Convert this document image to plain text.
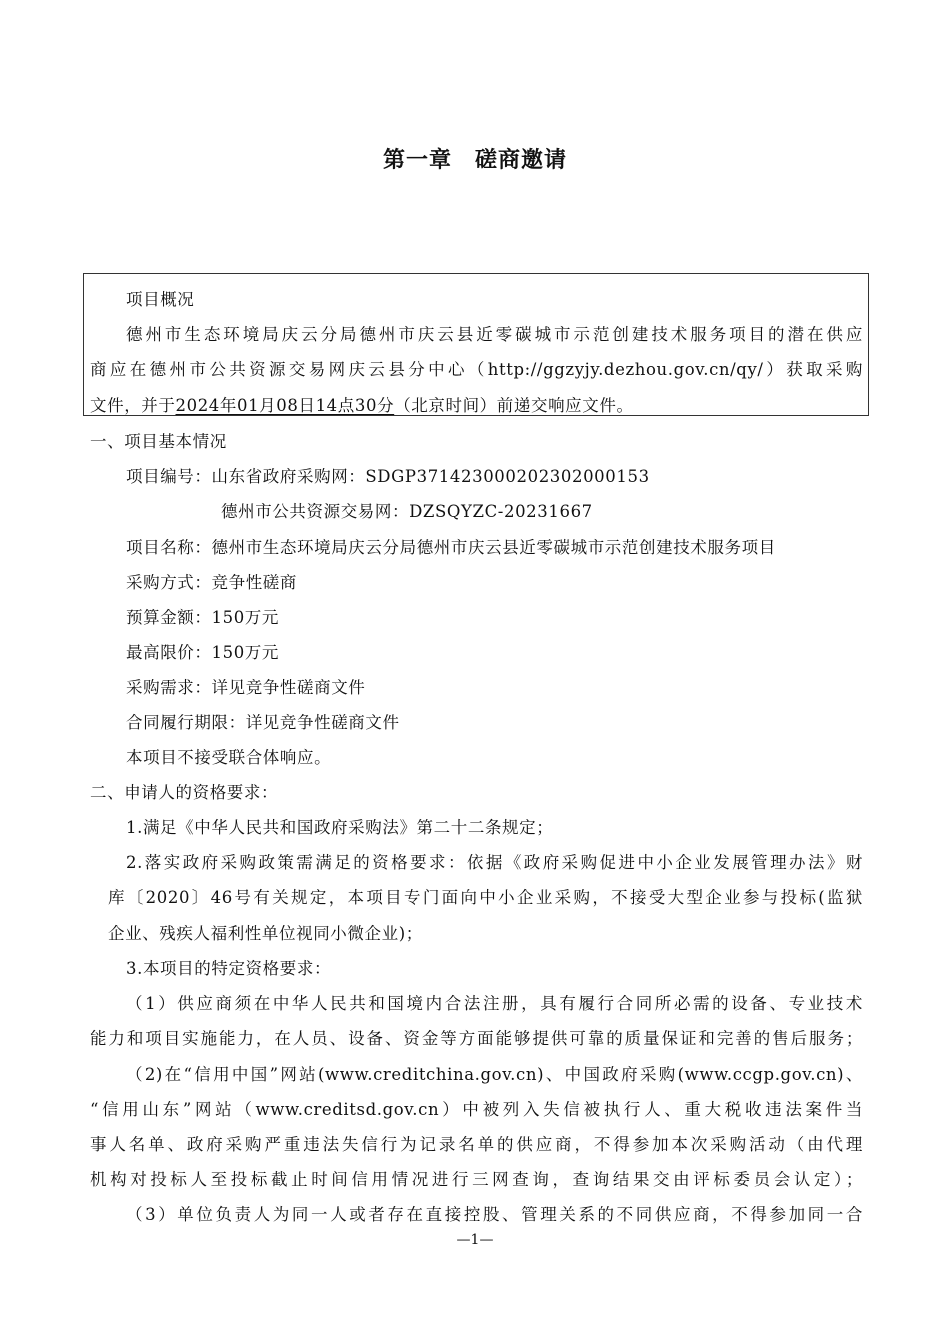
第一章　磋商邀请
项目概况
德州市生态环境局庆云分局德州市庆云县近零碳城市示范创建技术服务项目的潜在供应
商应在德州市公共资源交易网庆云县分中心（http://ggzyjy.dezhou.gov.cn/qy/）获取采购
文件，并于2024年01月08日14点30分（北京时间）前递交响应文件。
一、项目基本情况
项目编号：山东省政府采购网：SDGP371423000202302000153
德州市公共资源交易网：DZSQYZC-20231667
项目名称：德州市生态环境局庆云分局德州市庆云县近零碳城市示范创建技术服务项目
采购方式：竞争性磋商
预算金额：150万元
最高限价：150万元
采购需求：详见竞争性磋商文件
合同履行期限：详见竞争性磋商文件
本项目不接受联合体响应。
二、申请人的资格要求：
1.满足《中华人民共和国政府采购法》第二十二条规定；
2.落实政府采购政策需满足的资格要求：依据《政府采购促进中小企业发展管理办法》财
库〔2020〕46号有关规定，本项目专门面向中小企业采购，不接受大型企业参与投标(监狱
企业、残疾人福利性单位视同小微企业)；
3.本项目的特定资格要求：
（1）供应商须在中华人民共和国境内合法注册，具有履行合同所必需的设备、专业技术
能力和项目实施能力，在人员、设备、资金等方面能够提供可靠的质量保证和完善的售后服务；
（2)在“信用中国”网站(www.creditchina.gov.cn)、中国政府采购(www.ccgp.gov.cn)、
“信用山东”网站（www.creditsd.gov.cn）中被列入失信被执行人、重大税收违法案件当
事人名单、政府采购严重违法失信行为记录名单的供应商，不得参加本次采购活动（由代理
机构对投标人至投标截止时间信用情况进行三网查询，查询结果交由评标委员会认定）；
（3）单位负责人为同一人或者存在直接控股、管理关系的不同供应商，不得参加同一合
—1—
